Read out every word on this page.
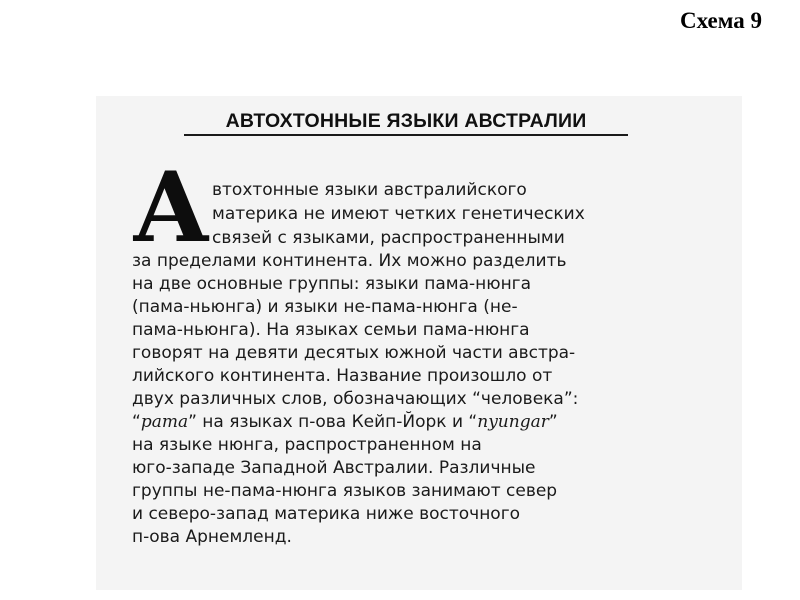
Схема 9
АВТОХТОННЫЕ ЯЗЫКИ АВСТРАЛИИ
А втохтонные языки австралийского
материка не имеют четких генетических
связей с языками, распространенными
за пределами континента. Их можно разделить
на две основные группы: языки пама-нюнга
(пама-ньюнга) и языки не-пама-нюнга (не-
пама-ньюнга). На языках семьи пама-нюнга
говорят на девяти десятых южной части австра-
лийского континента. Название произошло от
двух различных слов, обозначающих “человека”:
“pama” на языках п-ова Кейп-Йорк и “nyungar”
на языке нюнга, распространенном на
юго-западе Западной Австралии. Различные
группы не-пама-нюнга языков занимают север
и северо-запад материка ниже восточного
п-ова Арнемленд.
